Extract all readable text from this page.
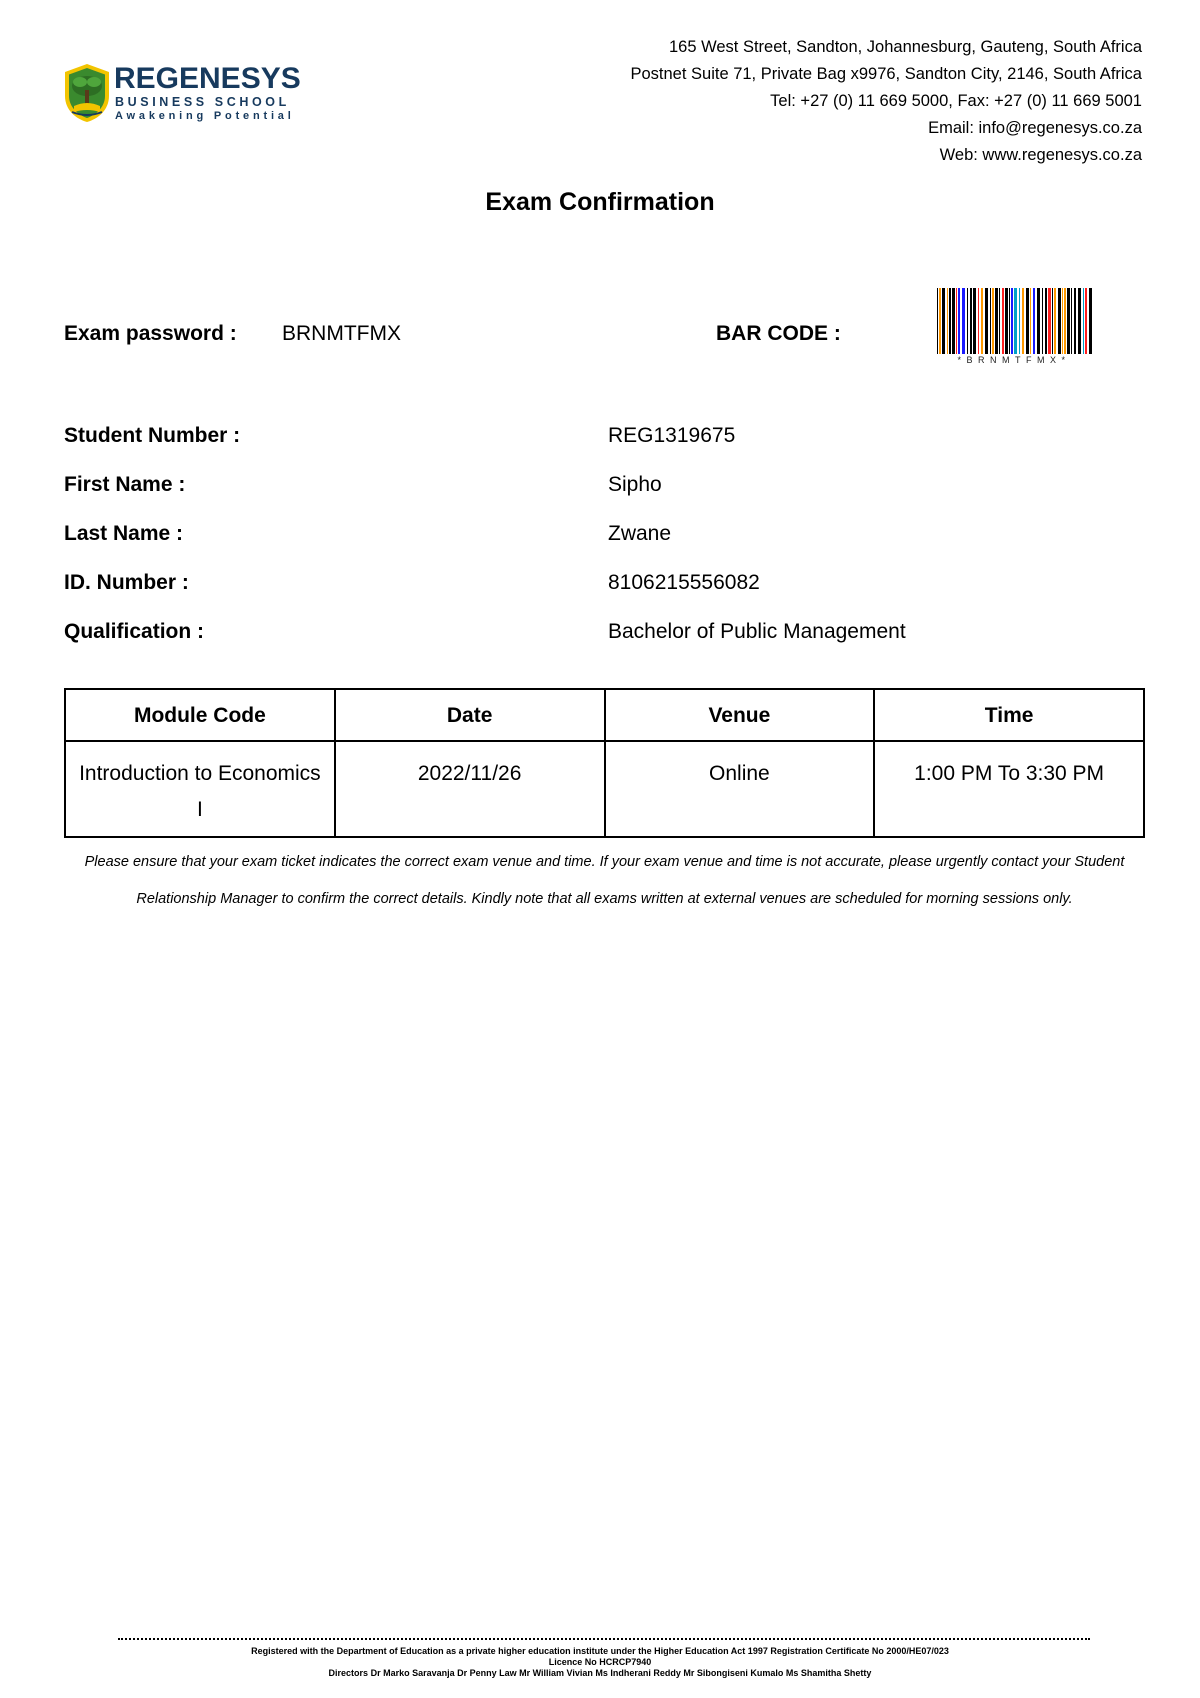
REGENESYS
BUSINESS SCHOOL
Awakening Potential
165 West Street, Sandton, Johannesburg, Gauteng, South Africa
Postnet Suite 71, Private Bag x9976, Sandton City, 2146, South Africa
Tel: +27 (0) 11 669 5000, Fax: +27 (0) 11 669 5001
Email: info@regenesys.co.za
Web: www.regenesys.co.za
Exam Confirmation
Exam password : BRNMTFMX	BAR CODE :
*BRNMTFMX*
Student Number :	REG1319675
First Name :	Sipho
Last Name :	Zwane
ID. Number :	8106215556082
Qualification :	Bachelor of Public Management
Module Code	Date	Venue	Time
Introduction to Economics I	2022/11/26	Online	1:00 PM To 3:30 PM
Please ensure that your exam ticket indicates the correct exam venue and time. If your exam venue and time is not accurate, please urgently contact your Student Relationship Manager to confirm the correct details. Kindly note that all exams written at external venues are scheduled for morning sessions only.
Registered with the Department of Education as a private higher education institute under the Higher Education Act 1997 Registration Certificate No 2000/HE07/023
Licence No HCRCP7940
Directors Dr Marko Saravanja Dr Penny Law Mr William Vivian Ms Indherani Reddy Mr Sibongiseni Kumalo Ms Shamitha Shetty
